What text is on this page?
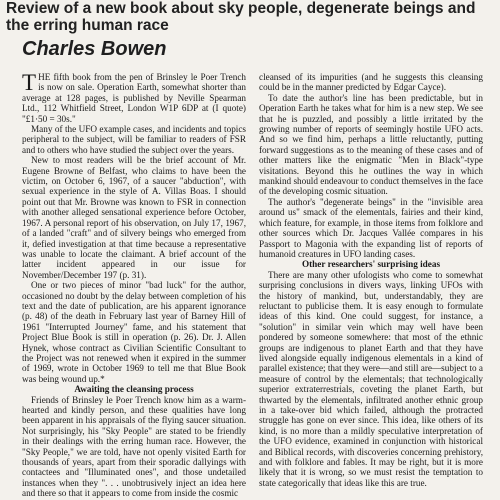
Review of a new book about sky people, degenerate beings and the erring human race
Charles Bowen

THE fifth book from the pen of Brinsley le Poer Trench is now on sale. Operation Earth, somewhat shorter than average at 128 pages, is published by Neville Spearman Ltd., 112 Whitfield Street, London W1P 6DP at (I quote) "£1·50 = 30s."

Many of the UFO example cases, and incidents and topics peripheral to the subject, will be familiar to readers of FSR and to others who have studied the subject over the years.

New to most readers will be the brief account of Mr. Eugene Browne of Belfast, who claims to have been the victim, on October 6, 1967, of a saucer "abduction", with sexual experience in the style of A. Villas Boas. I should point out that Mr. Browne was known to FSR in connection with another alleged sensational experience before October, 1967. A personal report of his observation, on July 17, 1967, of a landed "craft" and of silvery beings who emerged from it, defied investigation at that time because a representative was unable to locate the claimant. A brief account of the latter incident appeared in our issue for November/December 197 (p. 31).

One or two pieces of minor "bad luck" for the author, occasioned no doubt by the delay between completion of his text and the date of publication, are his apparent ignorance (p. 48) of the death in February last year of Barney Hill of 1961 "Interrupted Journey" fame, and his statement that Project Blue Book is still in operation (p. 26). Dr. J. Allen Hynek, whose contract as Civilian Scientific Consultant to the Project was not renewed when it expired in the summer of 1969, wrote in October 1969 to tell me that Blue Book was being wound up.*

Awaiting the cleansing process

Friends of Brinsley le Poer Trench know him as a warm-hearted and kindly person, and these qualities have long been apparent in his appraisals of the flying saucer situation. Not surprisingly, his "Sky People" are stated to be friendly in their dealings with the erring human race. However, the "Sky People," we are told, have not openly visited Earth for thousands of years, apart from their sporadic dallyings with contactees and "Illuminated ones", and those undetailed instances when they ". . . unobtrusively inject an idea here and there so that it appears to come from inside the cosmic

cleansed of its impurities (and he suggests this cleansing could be in the manner predicted by Edgar Cayce).

To date the author's line has been predictable, but in Operation Earth he takes what for him is a new step. We see that he is puzzled, and possibly a little irritated by the growing number of reports of seemingly hostile UFO acts. And so we find him, perhaps a little reluctantly, putting forward suggestions as to the meaning of these cases and of other matters like the enigmatic "Men in Black"-type visitations. Beyond this he outlines the way in which mankind should endeavour to conduct themselves in the face of the developing cosmic situation.

The author's "degenerate beings" in the "invisible area around us" smack of the elementals, fairies and their kind, which feature, for example, in those items from folklore and other sources which Dr. Jacques Vallée compares in his Passport to Magonia with the expanding list of reports of humanoid creatures in UFO landing cases.

Other researchers' surprising ideas

There are many other ufologists who come to somewhat surprising conclusions in divers ways, linking UFOs with the history of mankind, but, understandably, they are reluctant to publicise them. It is easy enough to formulate ideas of this kind. One could suggest, for instance, a "solution" in similar vein which may well have been pondered by someone somewhere: that most of the ethnic groups are indigenous to planet Earth and that they have lived alongside equally indigenous elementals in a kind of parallel existence; that they were—and still are—subject to a measure of control by the elementals; that technologically superior extraterrestrials, coveting the planet Earth, but thwarted by the elementals, infiltrated another ethnic group in a take-over bid which failed, although the protracted struggle has gone on ever since. This idea, like others of its kind, is no more than a mildly speculative interpretation of the UFO evidence, examined in conjunction with historical and Biblical records, with discoveries concerning prehistory, and with folklore and fables. It may be right, but it is more likely that it is wrong, so we must resist the temptation to state categorically that ideas like this are true.
